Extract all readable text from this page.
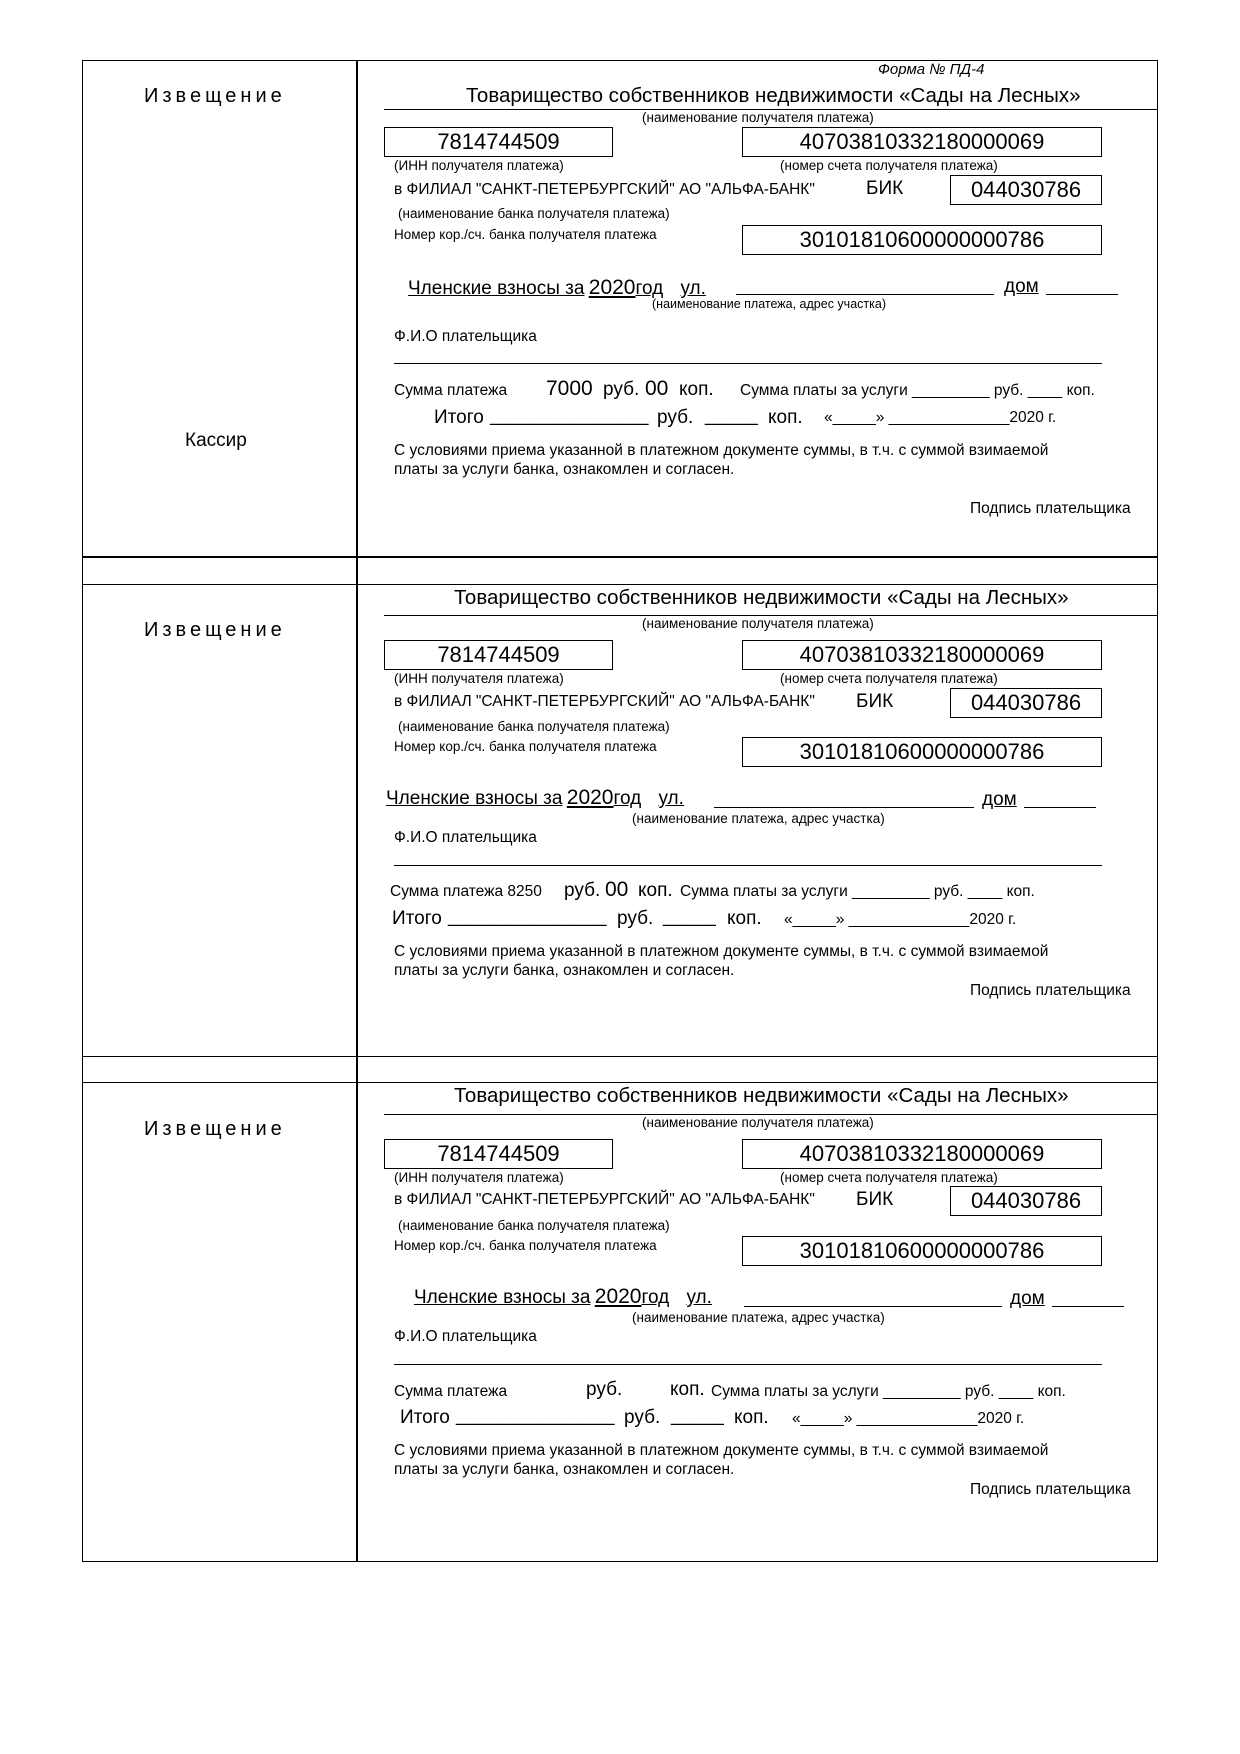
Форма № ПД-4
Извещение
Кассир
Товарищество собственников недвижимости «Сады на Лесных»
(наименование получателя платежа)
7814744509	40703810332180000069
(ИНН получателя платежа)	(номер счета получателя платежа)
в ФИЛИАЛ "САНКТ-ПЕТЕРБУРГСКИЙ" АО "АЛЬФА-БАНК"	БИК	044030786
(наименование банка получателя платежа)
Номер кор./сч. банка получателя платежа	30101810600000000786
Членские взносы за 2020год ул.	дом
(наименование платежа, адрес участка)
Ф.И.О плательщика
Сумма платежа 7000 руб. 00 коп. Сумма платы за услуги _________ руб. ____ коп.
Итого _______________ руб. _____ коп. «_____» ______________2020 г.
С условиями приема указанной в платежном документе суммы, в т.ч. с суммой взимаемой
платы за услуги банка, ознакомлен и согласен.
Подпись плательщика
Извещение
Товарищество собственников недвижимости «Сады на Лесных»
(наименование получателя платежа)
7814744509	40703810332180000069
(ИНН получателя платежа)	(номер счета получателя платежа)
в ФИЛИАЛ "САНКТ-ПЕТЕРБУРГСКИЙ" АО "АЛЬФА-БАНК" БИК	044030786
(наименование банка получателя платежа)
Номер кор./сч. банка получателя платежа	30101810600000000786
Членские взносы за 2020год ул.	дом
(наименование платежа, адрес участка)
Ф.И.О плательщика
Сумма платежа 8250 руб. 00 коп. Сумма платы за услуги _________ руб. ____ коп.
Итого _______________ руб. _____ коп. «_____» ______________2020 г.
С условиями приема указанной в платежном документе суммы, в т.ч. с суммой взимаемой
платы за услуги банка, ознакомлен и согласен.
Подпись плательщика
Извещение
Товарищество собственников недвижимости «Сады на Лесных»
(наименование получателя платежа)
7814744509	40703810332180000069
(ИНН получателя платежа)	(номер счета получателя платежа)
в ФИЛИАЛ "САНКТ-ПЕТЕРБУРГСКИЙ" АО "АЛЬФА-БАНК" БИК	044030786
(наименование банка получателя платежа)
Номер кор./сч. банка получателя платежа	30101810600000000786
Членские взносы за 2020год ул.	дом
(наименование платежа, адрес участка)
Ф.И.О плательщика
Сумма платежа	руб.	коп. Сумма платы за услуги _________ руб. ____ коп.
Итого _______________ руб. _____ коп. «_____» ______________2020 г.
С условиями приема указанной в платежном документе суммы, в т.ч. с суммой взимаемой
платы за услуги банка, ознакомлен и согласен.
Подпись плательщика
